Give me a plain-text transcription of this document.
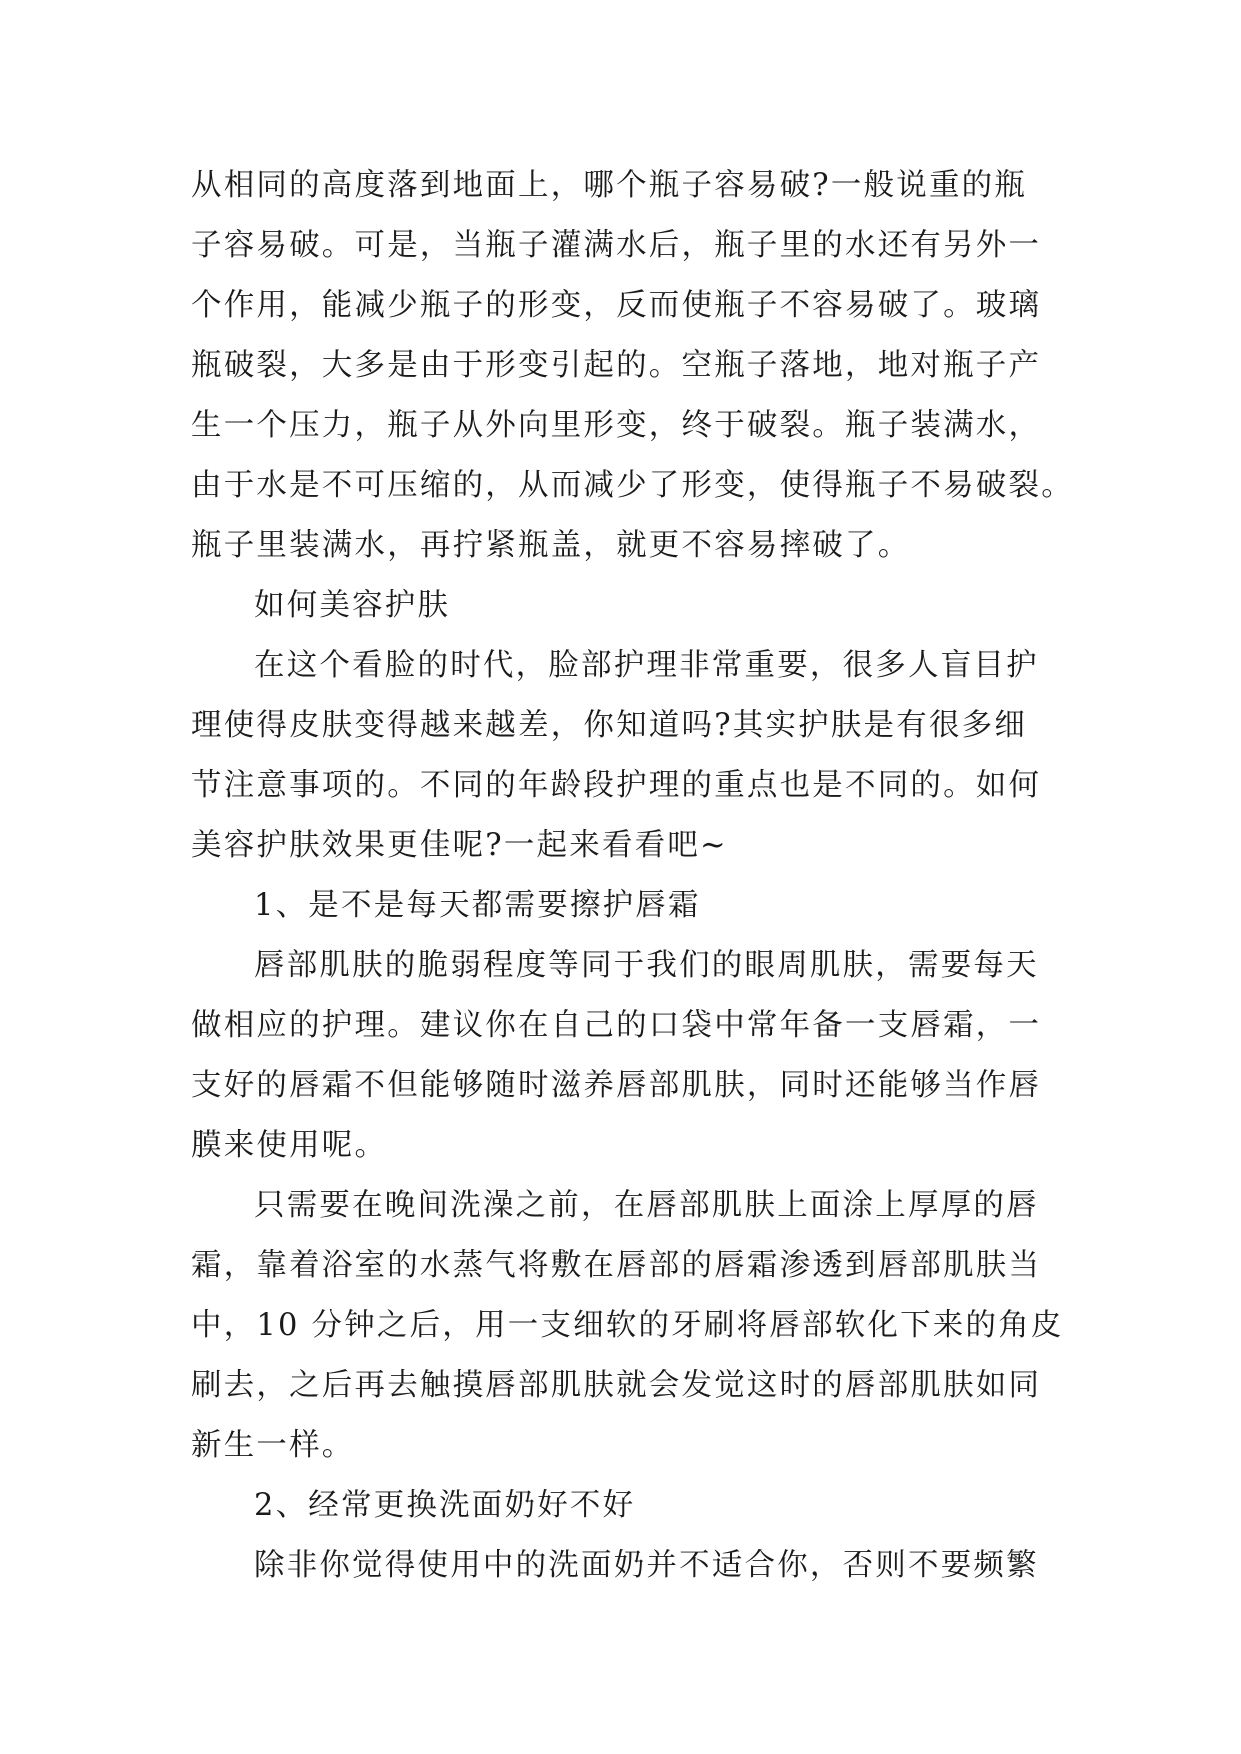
从相同的高度落到地面上，哪个瓶子容易破?一般说重的瓶
子容易破。可是，当瓶子灌满水后，瓶子里的水还有另外一
个作用，能减少瓶子的形变，反而使瓶子不容易破了。玻璃
瓶破裂，大多是由于形变引起的。空瓶子落地，地对瓶子产
生一个压力，瓶子从外向里形变，终于破裂。瓶子装满水，
由于水是不可压缩的，从而减少了形变，使得瓶子不易破裂。
瓶子里装满水，再拧紧瓶盖，就更不容易摔破了。
如何美容护肤
在这个看脸的时代，脸部护理非常重要，很多人盲目护
理使得皮肤变得越来越差，你知道吗?其实护肤是有很多细
节注意事项的。不同的年龄段护理的重点也是不同的。如何
美容护肤效果更佳呢?一起来看看吧~
1、是不是每天都需要擦护唇霜
唇部肌肤的脆弱程度等同于我们的眼周肌肤，需要每天
做相应的护理。建议你在自己的口袋中常年备一支唇霜，一
支好的唇霜不但能够随时滋养唇部肌肤，同时还能够当作唇
膜来使用呢。
只需要在晚间洗澡之前，在唇部肌肤上面涂上厚厚的唇
霜，靠着浴室的水蒸气将敷在唇部的唇霜渗透到唇部肌肤当
中，10 分钟之后，用一支细软的牙刷将唇部软化下来的角皮
刷去，之后再去触摸唇部肌肤就会发觉这时的唇部肌肤如同
新生一样。
2、经常更换洗面奶好不好
除非你觉得使用中的洗面奶并不适合你，否则不要频繁
